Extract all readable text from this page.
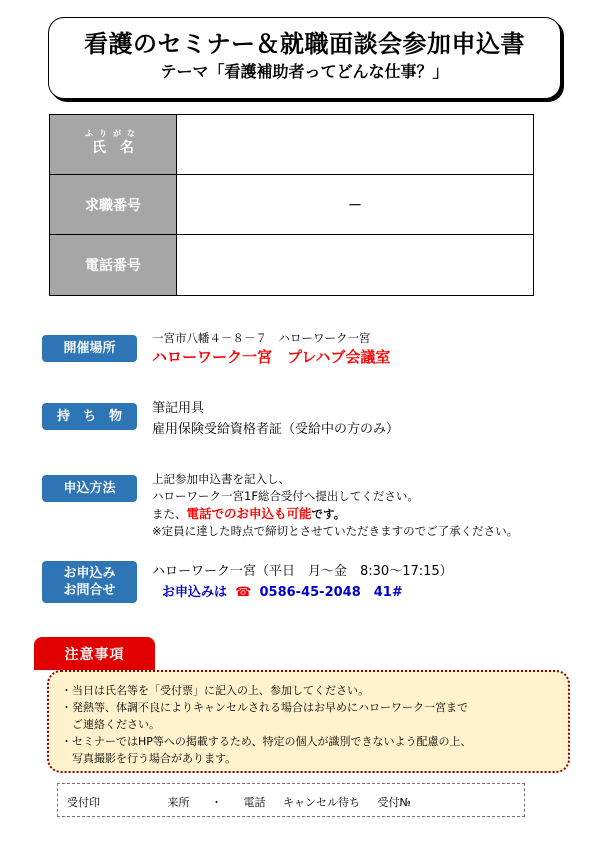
看護のセミナー＆就職面談会参加申込書
テーマ「看護補助者ってどんな仕事？」
ふりがな
氏名	

求職番号	－
電話番号	
開催場所
一宮市八幡４－８－７　ハローワーク一宮
ハローワーク一宮　プレハブ会議室
持　ち　物
筆記用具
雇用保険受給資格者証（受給中の方のみ）
申込方法
上記参加申込書を記入し、
ハローワーク一宮1F総合受付へ提出してください。
また、電話でのお申込も可能です。
※定員に達した時点で締切とさせていただきますのでご了承ください。
お申込み
お問合せ
ハローワーク一宮（平日　月～金　8:30～17:15）
お申込みは ☎ 0586-45-2048　41#
注意事項
・当日は氏名等を「受付票」に記入の上、参加してください。
・発熱等、体調不良によりキャンセルされる場合はお早めにハローワーク一宮まで
ご連絡ください。
・セミナーではHP等への掲載するため、特定の個人が識別できないよう配慮の上、
写真撮影を行う場合があります。
受付印	来所 ・ 電話 キャンセル待ち 受付№
